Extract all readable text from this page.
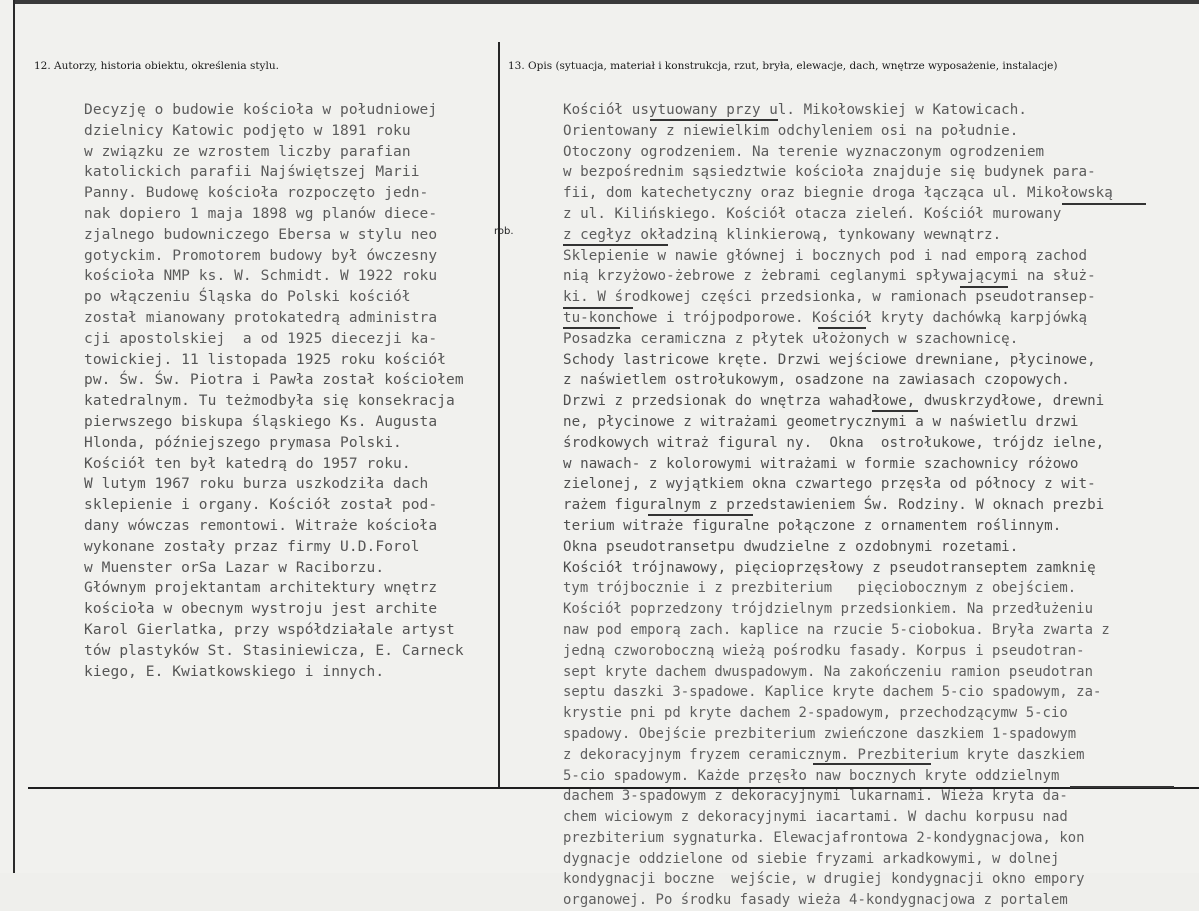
12. Autorzy, historia obiektu, określenia stylu.	13. Opis (sytuacja, materiał i konstrukcja, rzut, bryła, elewacje, dach, wnętrze wyposażenie, instalacje)
rob.
Decyzję o budowie kościoła w południowej
dzielnicy Katowic podjęto w 1891 roku
w związku ze wzrostem liczby parafian
katolickich parafii Najświętszej Marii
Panny. Budowę kościoła rozpoczęto jedn-
nak dopiero 1 maja 1898 wg planów diece-
zjalnego budowniczego Ebersa w stylu neo
gotyckim. Promotorem budowy był ówczesny
kościoła NMP ks. W. Schmidt. W 1922 roku
po włączeniu Śląska do Polski kościół
został mianowany protokatedrą administra
cji apostolskiej  a od 1925 diecezji ka-
towickiej. 11 listopada 1925 roku kościół
pw. Św. Św. Piotra i Pawła został kościołem
katedralnym. Tu teżmodbyła się konsekracja
pierwszego biskupa śląskiego Ks. Augusta
Hlonda, późniejszego prymasa Polski.
Kościół ten był katedrą do 1957 roku.
W lutym 1967 roku burza uszkodziła dach
sklepienie i organy. Kościół został pod-
dany wówczas remontowi. Witraże kościoła
wykonane zostały przaz firmy U.D.Forol
w Muenster orSa Lazar w Raciborzu.
Głównym projektantam architektury wnętrz
kościoła w obecnym wystroju jest archite
Karol Gierlatka, przy współdziałale artyst
tów plastyków St. Stasiniewicza, E. Carneck
kiego, E. Kwiatkowskiego i innych.
Kościół usytuowany przy ul. Mikołowskiej w Katowicach.
Orientowany z niewielkim odchyleniem osi na południe.
Otoczony ogrodzeniem. Na terenie wyznaczonym ogrodzeniem
w bezpośrednim sąsiedztwie kościoła znajduje się budynek para-
fii, dom katechetyczny oraz biegnie droga łącząca ul. Mikołowską
z ul. Kilińskiego. Kościół otacza zieleń. Kościół murowany
z cegłyz okładziną klinkierową, tynkowany wewnątrz.
Sklepienie w nawie głównej i bocznych pod i nad emporą zachod
nią krzyżowo-żebrowe z żebrami ceglanymi spływającymi na służ-
ki. W środkowej części przedsionka, w ramionach pseudotransep-
tu-konchowe i trójpodporowe. Kościół kryty dachówką karpjówką
Posadzka ceramiczna z płytek ułożonych w szachownicę.
Schody lastricowe kręte. Drzwi wejściowe drewniane, płycinowe,
z naświetlem ostrołukowym, osadzone na zawiasach czopowych.
Drzwi z przedsionak do wnętrza wahadłowe, dwuskrzydłowe, drewni
ne, płycinowe z witrażami geometrycznymi a w naświetlu drzwi
środkowych witraż figural ny.  Okna  ostrołukowe, trójdz ielne,
w nawach- z kolorowymi witrażami w formie szachownicy różowo
zielonej, z wyjątkiem okna czwartego przęsła od północy z wit-
rażem figuralnym z przedstawieniem Św. Rodziny. W oknach prezbi
terium witraże figuralne połączone z ornamentem roślinnym.
Okna pseudotransetpu dwudzielne z ozdobnymi rozetami.
Kościół trójnawowy, pięcioprzęsłowy z pseudotranseptem zamknię
tym trójbocznie i z prezbiterium   pięciobocznym z obejściem.
Kościół poprzedzony trójdzielnym przedsionkiem. Na przedłużeniu
naw pod emporą zach. kaplice na rzucie 5-ciobokua. Bryła zwarta z
jedną czworoboczną wieżą pośrodku fasady. Korpus i pseudotran-
sept kryte dachem dwuspadowym. Na zakończeniu ramion pseudotran
septu daszki 3-spadowe. Kaplice kryte dachem 5-cio spadowym, za-
krystie pni pd kryte dachem 2-spadowym, przechodzącymw 5-cio
spadowy. Obejście prezbiterium zwieńczone daszkiem 1-spadowym
z dekoracyjnym fryzem ceramicznym. Prezbiterium kryte daszkiem
5-cio spadowym. Każde przęsło naw bocznych kryte oddzielnym
dachem 3-spadowym z dekoracyjnymi lukarnami. Wieża kryta da-
chem wiciowym z dekoracyjnymi iacartami. W dachu korpusu nad
prezbiterium sygnaturka. Elewacjafrontowa 2-kondygnacjowa, kon
dygnacje oddzielone od siebie fryzami arkadkowymi, w dolnej
kondygnacji boczne  wejście, w drugiej kondygnacji okno empory
organowej. Po środku fasady wieża 4-kondygnacjowa z portalem
